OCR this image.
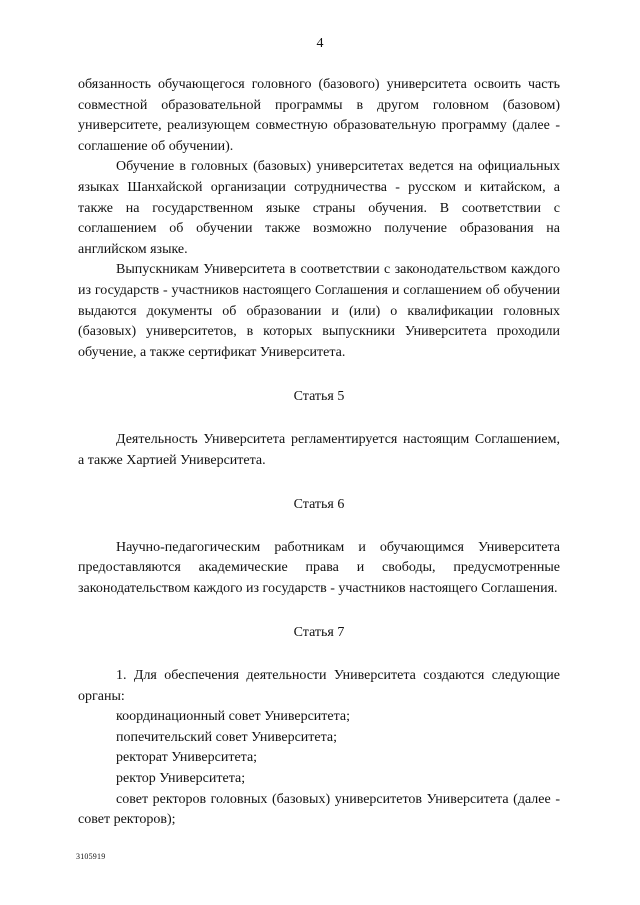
4

обязанность обучающегося головного (базового) университета освоить часть совместной образовательной программы в другом головном (базовом) университете, реализующем совместную образовательную программу (далее - соглашение об обучении).

Обучение в головных (базовых) университетах ведется на официальных языках Шанхайской организации сотрудничества - русском и китайском, а также на государственном языке страны обучения. В соответствии с соглашением об обучении также возможно получение образования на английском языке.

Выпускникам Университета в соответствии с законодательством каждого из государств - участников настоящего Соглашения и соглашением об обучении выдаются документы об образовании и (или) о квалификации головных (базовых) университетов, в которых выпускники Университета проходили обучение, а также сертификат Университета.

Статья 5

Деятельность Университета регламентируется настоящим Соглашением, а также Хартией Университета.

Статья 6

Научно-педагогическим работникам и обучающимся Университета предоставляются академические права и свободы, предусмотренные законодательством каждого из государств - участников настоящего Соглашения.

Статья 7

1. Для обеспечения деятельности Университета создаются следующие органы:

координационный совет Университета;

попечительский совет Университета;

ректорат Университета;

ректор Университета;

совет ректоров головных (базовых) университетов Университета (далее - совет ректоров);

3105919
